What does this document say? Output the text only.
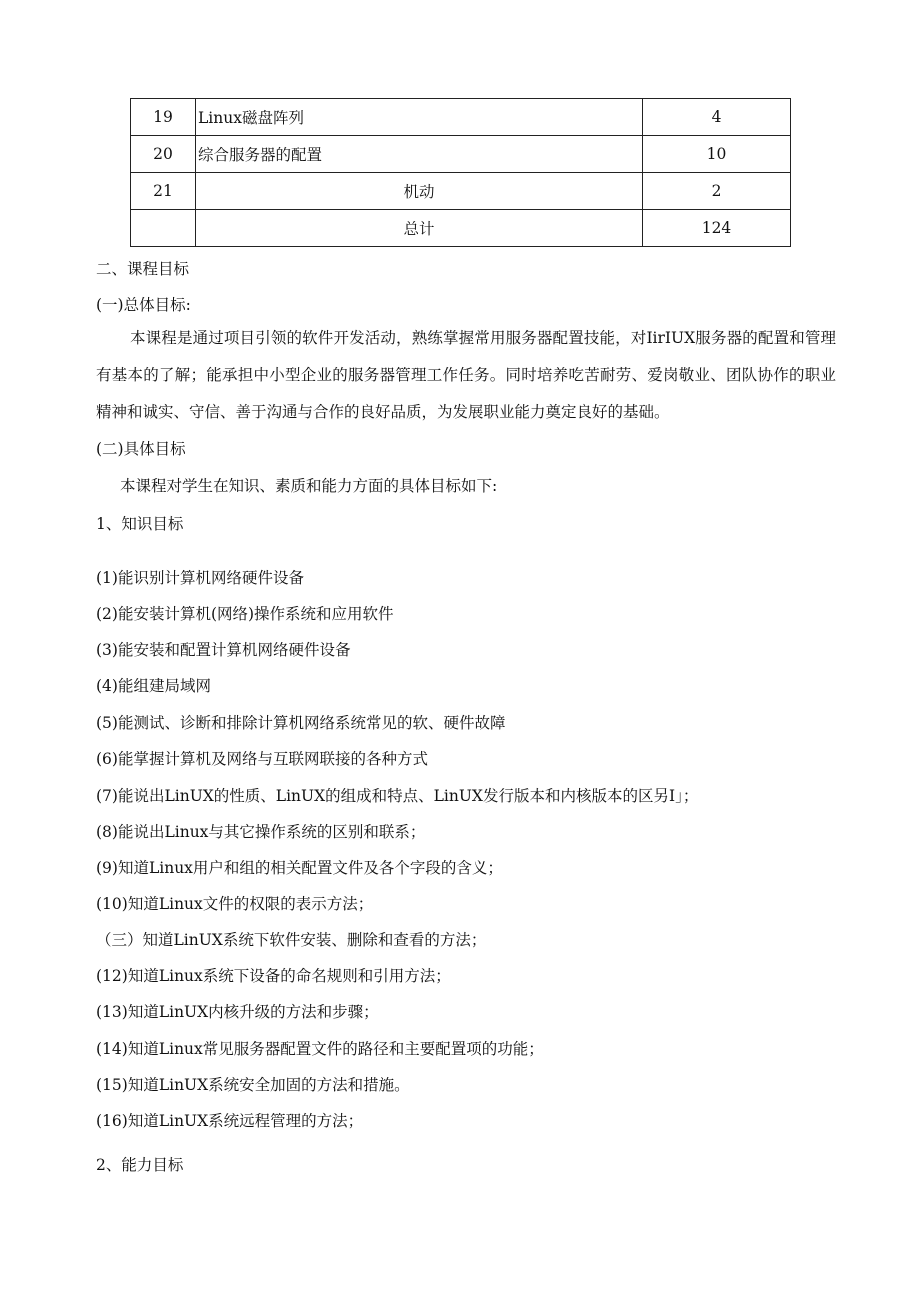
19	Linux磁盘阵列	4
20	综合服务器的配置	10
21	机动	2
	总计	124
二、课程目标
(一)总体目标:
本课程是通过项目引领的软件开发活动，熟练掌握常用服务器配置技能，对IirIUX服务器的配置和管理有基本的了解；能承担中小型企业的服务器管理工作任务。同时培养吃苦耐劳、爱岗敬业、团队协作的职业精神和诚实、守信、善于沟通与合作的良好品质，为发展职业能力奠定良好的基础。
(二)具体目标
本课程对学生在知识、素质和能力方面的具体目标如下:
1、知识目标
(1)能识别计算机网络硬件设备
(2)能安装计算机(网络)操作系统和应用软件
(3)能安装和配置计算机网络硬件设备
(4)能组建局域网
(5)能测试、诊断和排除计算机网络系统常见的软、硬件故障
(6)能掌握计算机及网络与互联网联接的各种方式
(7)能说出LinUX的性质、LinUX的组成和特点、LinUX发行版本和内核版本的区另I」；
(8)能说出Linux与其它操作系统的区别和联系；
(9)知道Linux用户和组的相关配置文件及各个字段的含义；
(10)知道Linux文件的权限的表示方法；
（三）知道LinUX系统下软件安装、删除和查看的方法；
(12)知道Linux系统下设备的命名规则和引用方法；
(13)知道LinUX内核升级的方法和步骤；
(14)知道Linux常见服务器配置文件的路径和主要配置项的功能；
(15)知道LinUX系统安全加固的方法和措施。
(16)知道LinUX系统远程管理的方法；
2、能力目标
